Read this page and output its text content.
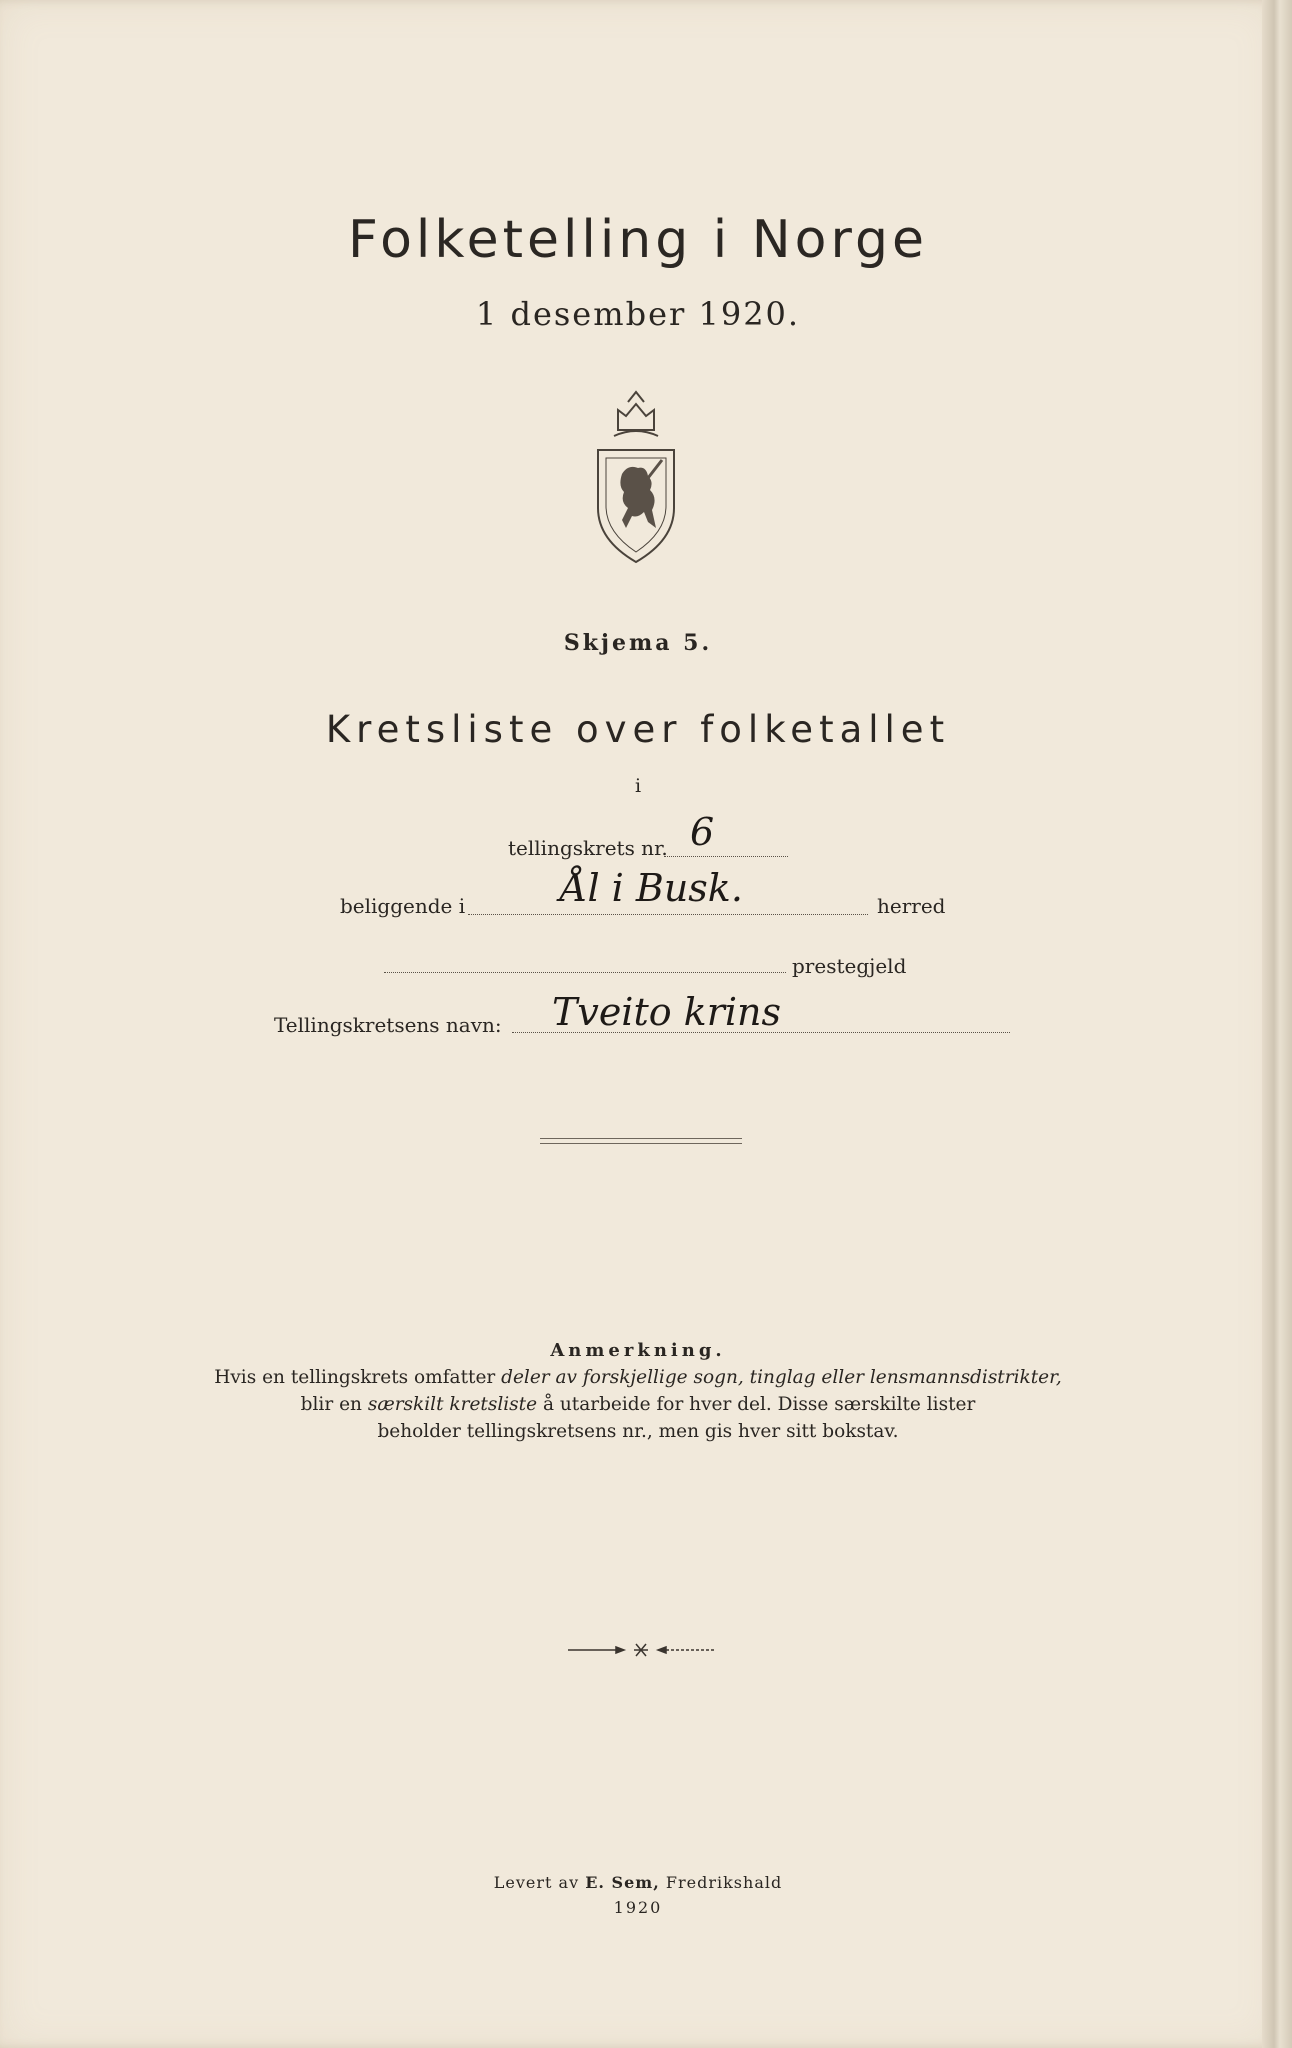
Folketelling i Norge
1 desember 1920.
Skjema 5.
Kretsliste over folketallet
i
tellingskrets nr. 6
beliggende i Ål i Busk.	herred
prestegjeld
Tellingskretsens navn: Tveito krins
Anmerkning.
Hvis en tellingskrets omfatter deler av forskjellige sogn, tinglag eller lensmannsdistrikter,
blir en særskilt kretsliste å utarbeide for hver del. Disse særskilte lister
beholder tellingskretsens nr., men gis hver sitt bokstav.
Levert av E. Sem, Fredrikshald
1920
